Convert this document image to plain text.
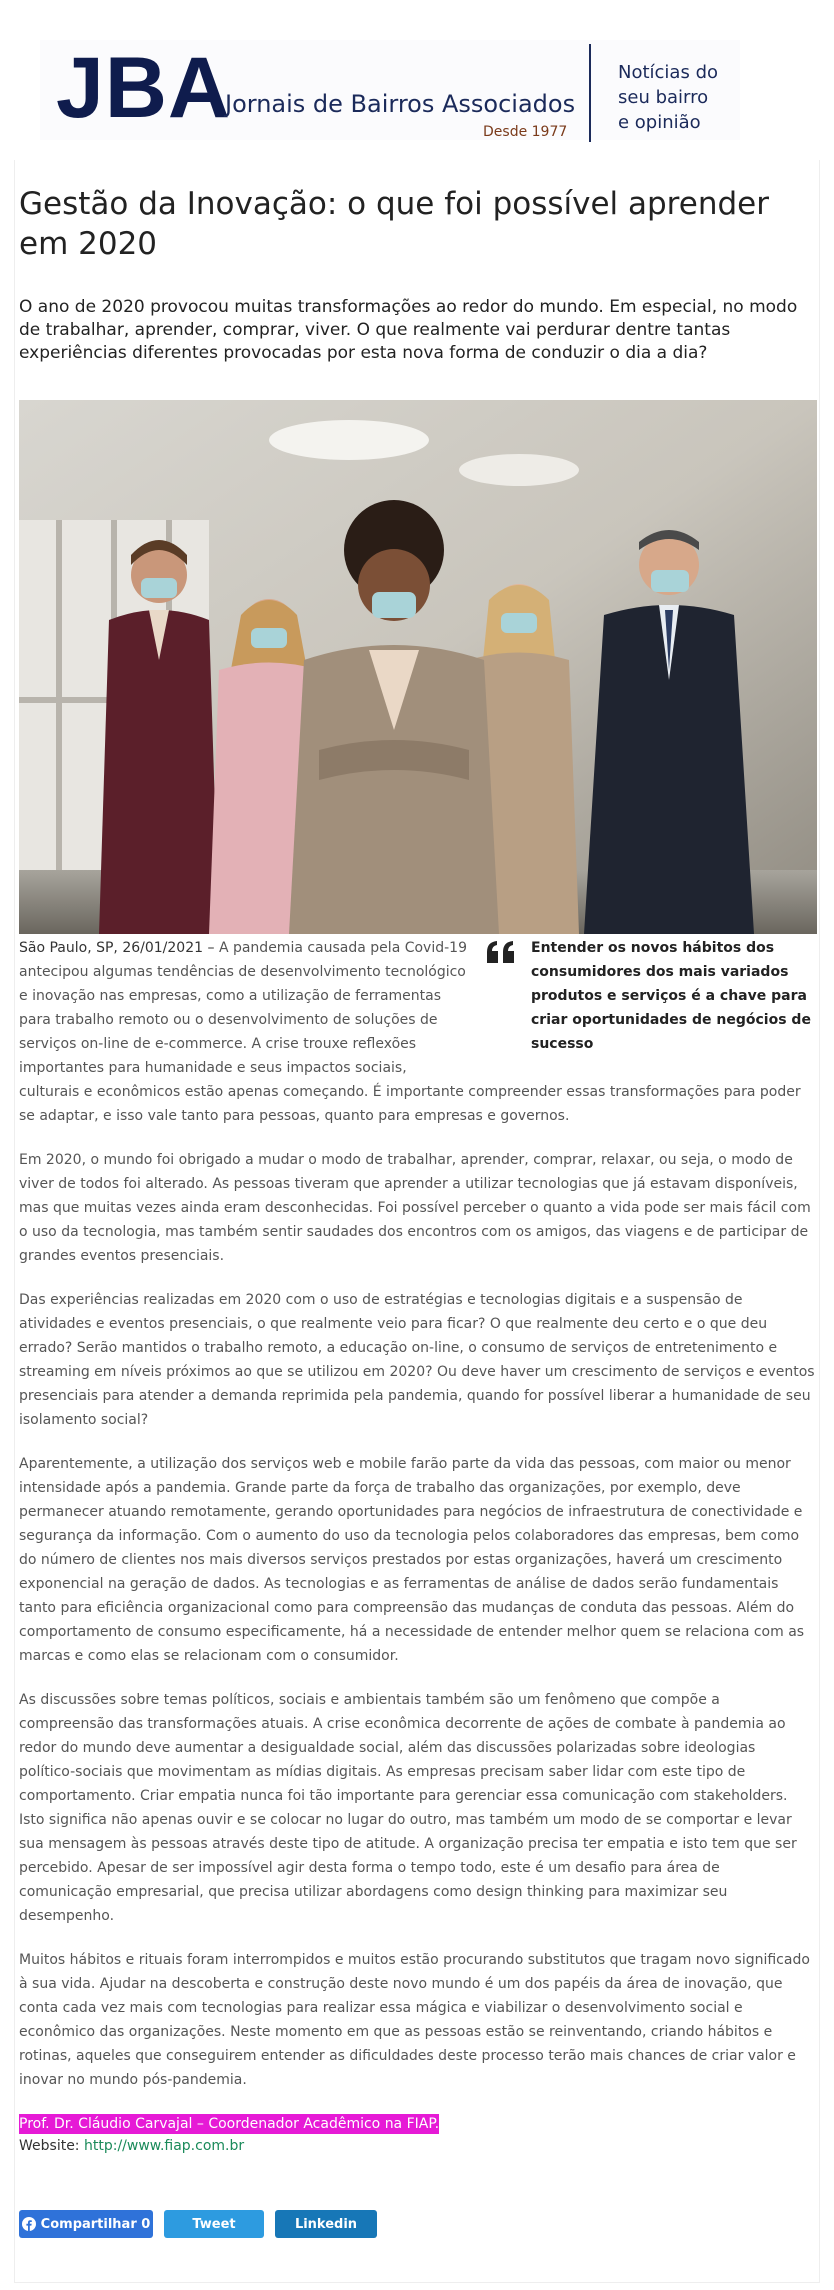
JBA
Jornais de Bairros Associados
Desde 1977
Notícias do
seu bairro
e opinião
Gestão da Inovação: o que foi possível aprender em 2020

O ano de 2020 provocou muitas transformações ao redor do mundo. Em especial, no modo de trabalhar, aprender, comprar, viver. O que realmente vai perdurar dentre tantas experiências diferentes provocadas por esta nova forma de conduzir o dia a dia?

Entender os novos hábitos dos consumidores dos mais variados produtos e serviços é a chave para criar oportunidades de negócios de sucesso
São Paulo, SP, 26/01/2021 – A pandemia causada pela Covid-19 antecipou algumas tendências de desenvolvimento tecnológico e inovação nas empresas, como a utilização de ferramentas para trabalho remoto ou o desenvolvimento de soluções de serviços on-line de e-commerce. A crise trouxe reflexões importantes para humanidade e seus impactos sociais, culturais e econômicos estão apenas começando. É importante compreender essas transformações para poder se adaptar, e isso vale tanto para pessoas, quanto para empresas e governos.

Em 2020, o mundo foi obrigado a mudar o modo de trabalhar, aprender, comprar, relaxar, ou seja, o modo de viver de todos foi alterado. As pessoas tiveram que aprender a utilizar tecnologias que já estavam disponíveis, mas que muitas vezes ainda eram desconhecidas. Foi possível perceber o quanto a vida pode ser mais fácil com o uso da tecnologia, mas também sentir saudades dos encontros com os amigos, das viagens e de participar de grandes eventos presenciais.

Das experiências realizadas em 2020 com o uso de estratégias e tecnologias digitais e a suspensão de atividades e eventos presenciais, o que realmente veio para ficar? O que realmente deu certo e o que deu errado? Serão mantidos o trabalho remoto, a educação on-line, o consumo de serviços de entretenimento e streaming em níveis próximos ao que se utilizou em 2020? Ou deve haver um crescimento de serviços e eventos presenciais para atender a demanda reprimida pela pandemia, quando for possível liberar a humanidade de seu isolamento social?

Aparentemente, a utilização dos serviços web e mobile farão parte da vida das pessoas, com maior ou menor intensidade após a pandemia. Grande parte da força de trabalho das organizações, por exemplo, deve permanecer atuando remotamente, gerando oportunidades para negócios de infraestrutura de conectividade e segurança da informação. Com o aumento do uso da tecnologia pelos colaboradores das empresas, bem como do número de clientes nos mais diversos serviços prestados por estas organizações, haverá um crescimento exponencial na geração de dados. As tecnologias e as ferramentas de análise de dados serão fundamentais tanto para eficiência organizacional como para compreensão das mudanças de conduta das pessoas. Além do comportamento de consumo especificamente, há a necessidade de entender melhor quem se relaciona com as marcas e como elas se relacionam com o consumidor.

As discussões sobre temas políticos, sociais e ambientais também são um fenômeno que compõe a compreensão das transformações atuais. A crise econômica decorrente de ações de combate à pandemia ao redor do mundo deve aumentar a desigualdade social, além das discussões polarizadas sobre ideologias político-sociais que movimentam as mídias digitais. As empresas precisam saber lidar com este tipo de comportamento. Criar empatia nunca foi tão importante para gerenciar essa comunicação com stakeholders. Isto significa não apenas ouvir e se colocar no lugar do outro, mas também um modo de se comportar e levar sua mensagem às pessoas através deste tipo de atitude. A organização precisa ter empatia e isto tem que ser percebido. Apesar de ser impossível agir desta forma o tempo todo, este é um desafio para área de comunicação empresarial, que precisa utilizar abordagens como design thinking para maximizar seu desempenho.

Muitos hábitos e rituais foram interrompidos e muitos estão procurando substitutos que tragam novo significado à sua vida. Ajudar na descoberta e construção deste novo mundo é um dos papéis da área de inovação, que conta cada vez mais com tecnologias para realizar essa mágica e viabilizar o desenvolvimento social e econômico das organizações. Neste momento em que as pessoas estão se reinventando, criando hábitos e rotinas, aqueles que conseguirem entender as dificuldades deste processo terão mais chances de criar valor e inovar no mundo pós-pandemia.

Prof. Dr. Cláudio Carvajal – Coordenador Acadêmico na FIAP.

Website: http://www.fiap.com.br
Compartilhar 0	Tweet	Linkedin
